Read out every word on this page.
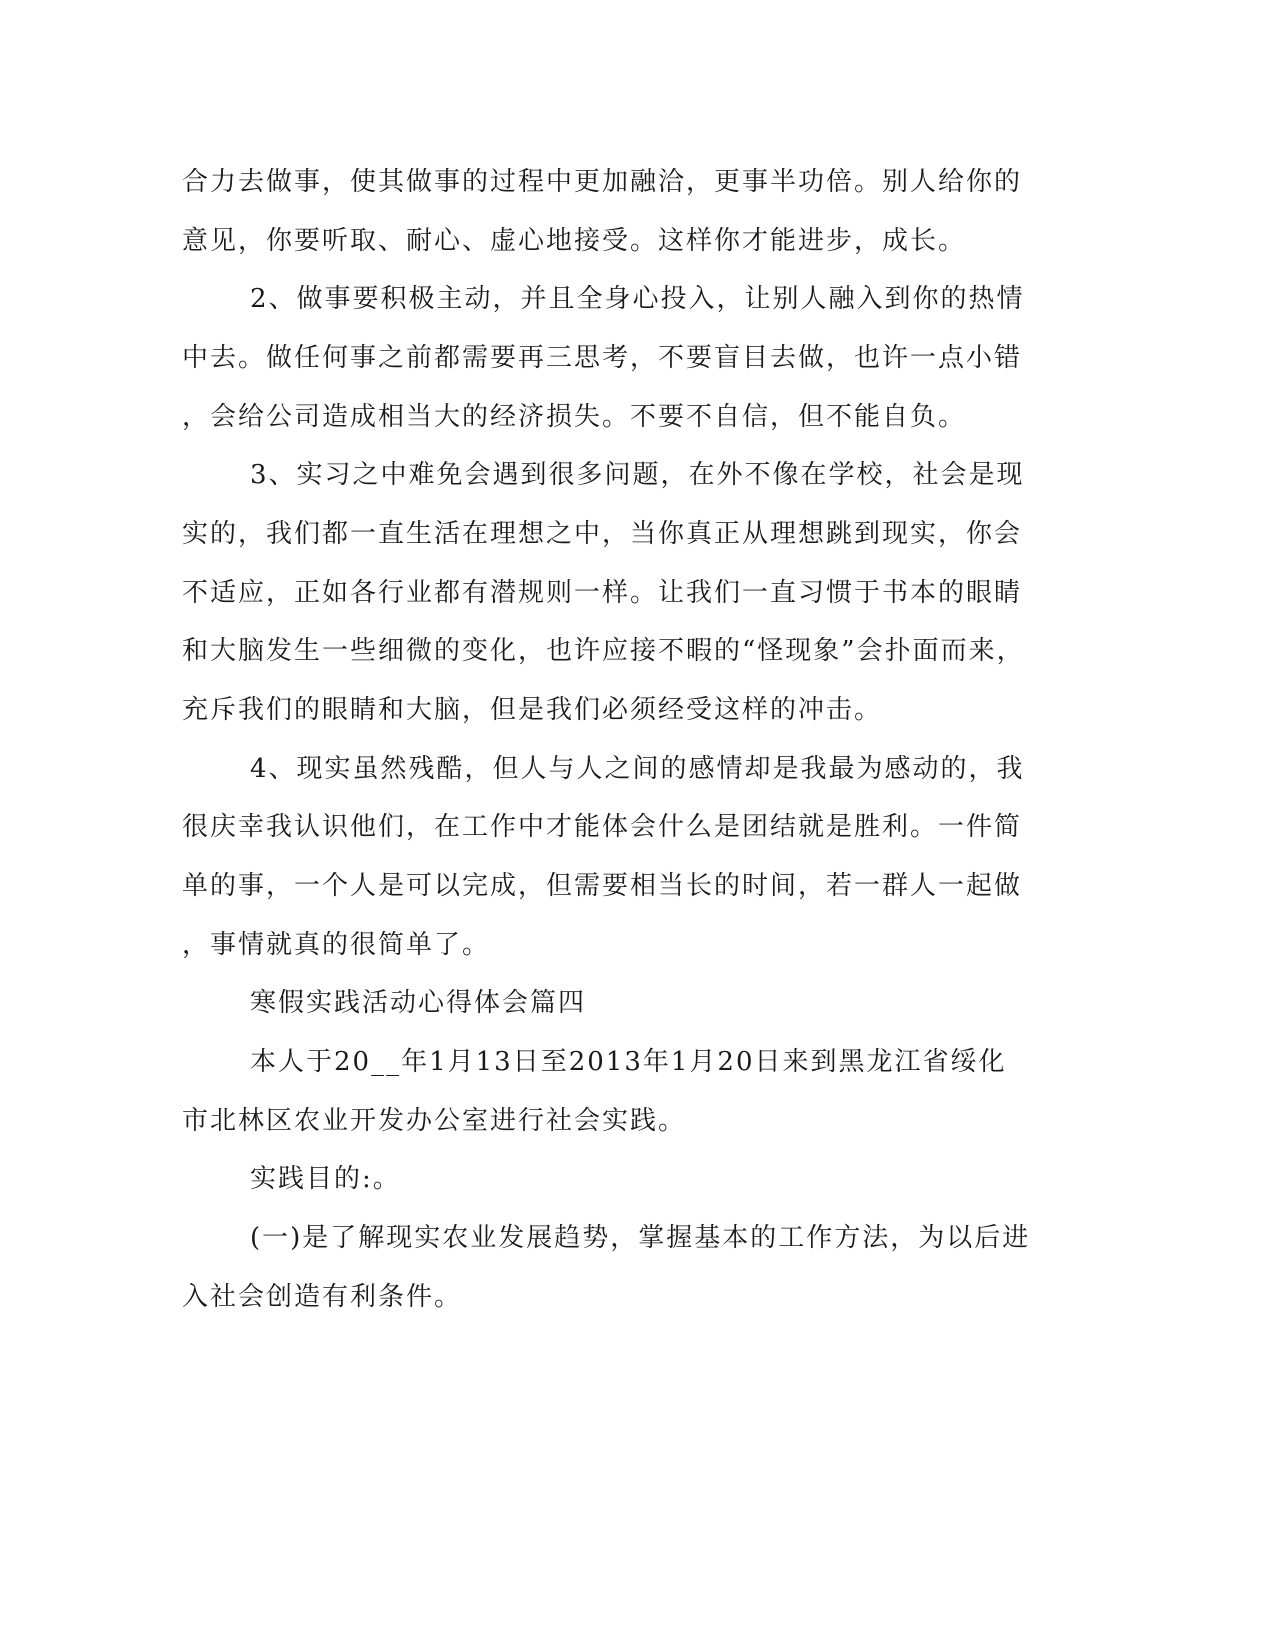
合力去做事，使其做事的过程中更加融洽，更事半功倍。别人给你的
意见，你要听取、耐心、虚心地接受。这样你才能进步，成长。
2、做事要积极主动，并且全身心投入，让别人融入到你的热情
中去。做任何事之前都需要再三思考，不要盲目去做，也许一点小错
，会给公司造成相当大的经济损失。不要不自信，但不能自负。
3、实习之中难免会遇到很多问题，在外不像在学校，社会是现
实的，我们都一直生活在理想之中，当你真正从理想跳到现实，你会
不适应，正如各行业都有潜规则一样。让我们一直习惯于书本的眼睛
和大脑发生一些细微的变化，也许应接不暇的“怪现象”会扑面而来，
充斥我们的眼睛和大脑，但是我们必须经受这样的冲击。
4、现实虽然残酷，但人与人之间的感情却是我最为感动的，我
很庆幸我认识他们，在工作中才能体会什么是团结就是胜利。一件简
单的事，一个人是可以完成，但需要相当长的时间，若一群人一起做
，事情就真的很简单了。
寒假实践活动心得体会篇四
本人于20__年1月13日至2013年1月20日来到黑龙江省绥化
市北林区农业开发办公室进行社会实践。
实践目的:。
(一)是了解现实农业发展趋势，掌握基本的工作方法，为以后进
入社会创造有利条件。
